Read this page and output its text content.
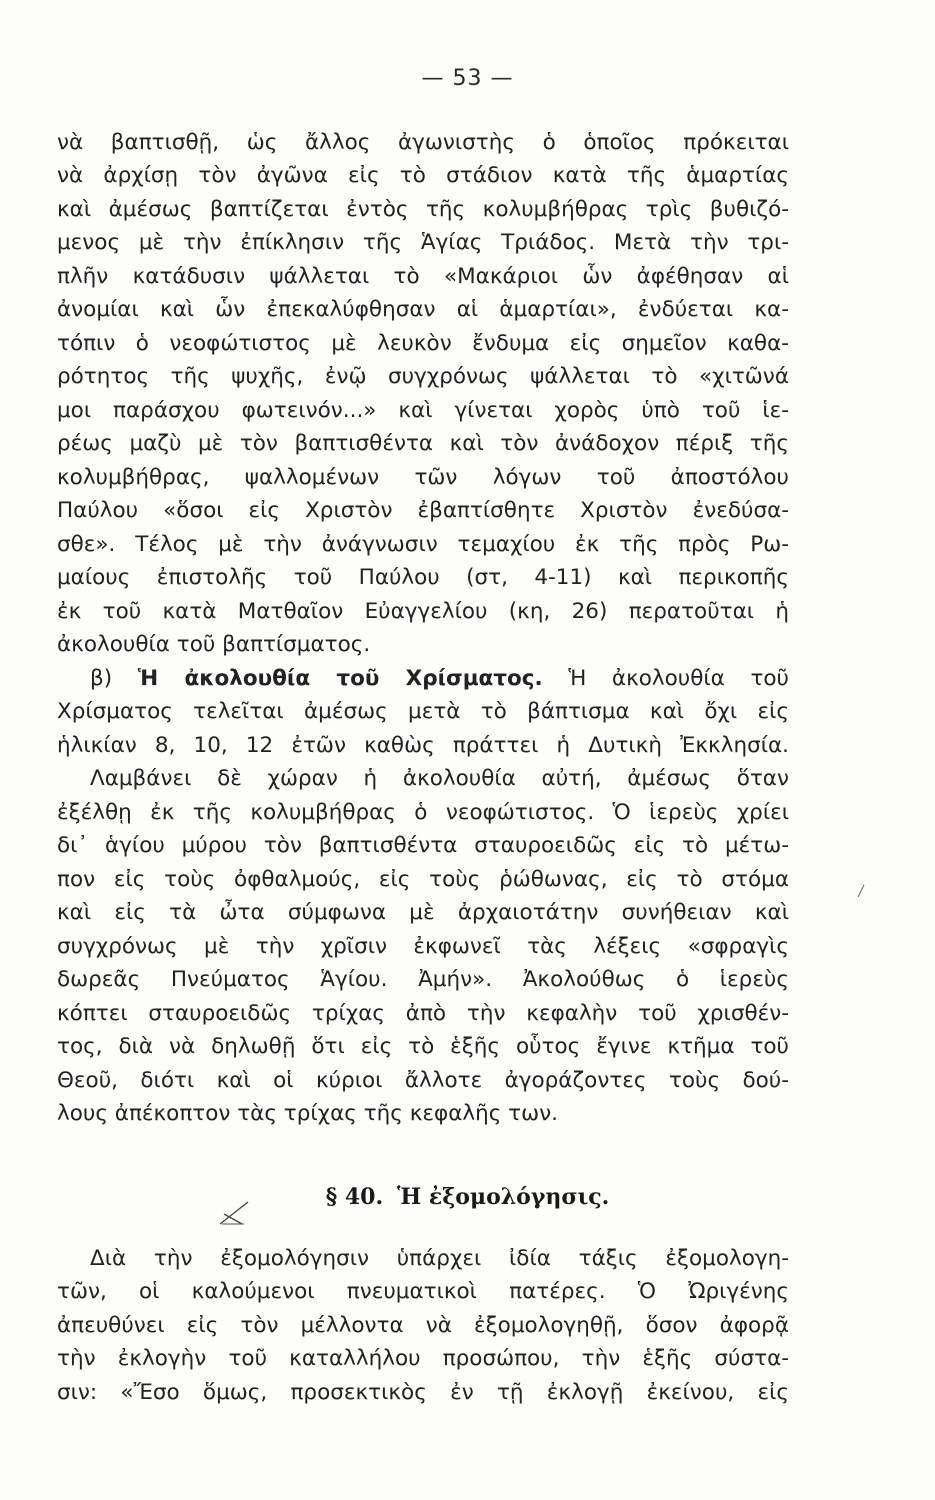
— 53 —
νὰ βαπτισθῇ, ὡς ἄλλος ἀγωνιστὴς ὁ ὁποῖος πρόκειται
νὰ ἀρχίσῃ τὸν ἀγῶνα εἰς τὸ στάδιον κατὰ τῆς ἁμαρτίας
καὶ ἀμέσως βαπτίζεται ἐντὸς τῆς κολυμβήθρας τρὶς βυθιζό-
μενος μὲ τὴν ἐπίκλησιν τῆς Ἁγίας Τριάδος. Μετὰ τὴν τρι-
πλῆν κατάδυσιν ψάλλεται τὸ «Μακάριοι ὧν ἀφέθησαν αἱ
ἀνομίαι καὶ ὧν ἐπεκαλύφθησαν αἱ ἁμαρτίαι», ἐνδύεται κα-
τόπιν ὁ νεοφώτιστος μὲ λευκὸν ἔνδυμα εἰς σημεῖον καθα-
ρότητος τῆς ψυχῆς, ἐνῷ συγχρόνως ψάλλεται τὸ «χιτῶνά
μοι παράσχου φωτεινόν...» καὶ γίνεται χορὸς ὑπὸ τοῦ ἱε-
ρέως μαζὺ μὲ τὸν βαπτισθέντα καὶ τὸν ἀνάδοχον πέριξ τῆς
κολυμβήθρας, ψαλλομένων τῶν λόγων τοῦ ἀποστόλου
Παύλου «ὅσοι εἰς Χριστὸν ἐβαπτίσθητε Χριστὸν ἐνεδύσα-
σθε». Τέλος μὲ τὴν ἀνάγνωσιν τεμαχίου ἐκ τῆς πρὸς Ρω-
μαίους ἐπιστολῆς τοῦ Παύλου (στ, 4-11) καὶ περικοπῆς
ἐκ τοῦ κατὰ Ματθαῖον Εὐαγγελίου (κη, 26) περατοῦται ἡ
ἀκολουθία τοῦ βαπτίσματος.
β) Ἡ ἀκολουθία τοῦ Χρίσματος. Ἡ ἀκολουθία τοῦ
Χρίσματος τελεῖται ἀμέσως μετὰ τὸ βάπτισμα καὶ ὄχι εἰς
ἡλικίαν 8, 10, 12 ἐτῶν καθὼς πράττει ἡ Δυτικὴ Ἐκκλησία.
Λαμβάνει δὲ χώραν ἡ ἀκολουθία αὐτή, ἀμέσως ὅταν
ἐξέλθῃ ἐκ τῆς κολυμβήθρας ὁ νεοφώτιστος. Ὁ ἱερεὺς χρίει
δι᾽ ἁγίου μύρου τὸν βαπτισθέντα σταυροειδῶς εἰς τὸ μέτω-
πον εἰς τοὺς ὀφθαλμούς, εἰς τοὺς ῥώθωνας, εἰς τὸ στόμα
καὶ εἰς τὰ ὦτα σύμφωνα μὲ ἀρχαιοτάτην συνήθειαν καὶ
συγχρόνως μὲ τὴν χρῖσιν ἐκφωνεῖ τὰς λέξεις «σφραγὶς
δωρεᾶς Πνεύματος Ἁγίου. Ἀμήν». Ἀκολούθως ὁ ἱερεὺς
κόπτει σταυροειδῶς τρίχας ἀπὸ τὴν κεφαλὴν τοῦ χρισθέν-
τος, διὰ νὰ δηλωθῇ ὅτι εἰς τὸ ἑξῆς οὗτος ἔγινε κτῆμα τοῦ
Θεοῦ, διότι καὶ οἱ κύριοι ἄλλοτε ἀγοράζοντες τοὺς δού-
λους ἀπέκοπτον τὰς τρίχας τῆς κεφαλῆς των.
§ 40. Ἡ ἐξομολόγησις.
Διὰ τὴν ἐξομολόγησιν ὑπάρχει ἰδία τάξις ἐξομολογη-
τῶν, οἱ καλούμενοι πνευματικοὶ πατέρες. Ὁ Ὠριγένης
ἀπευθύνει εἰς τὸν μέλλοντα νὰ ἐξομολογηθῇ, ὅσον ἀφορᾷ
τὴν ἐκλογὴν τοῦ καταλλήλου προσώπου, τὴν ἑξῆς σύστα-
σιν: «Ἔσο ὅμως, προσεκτικὸς ἐν τῇ ἐκλογῇ ἐκείνου, εἰς
